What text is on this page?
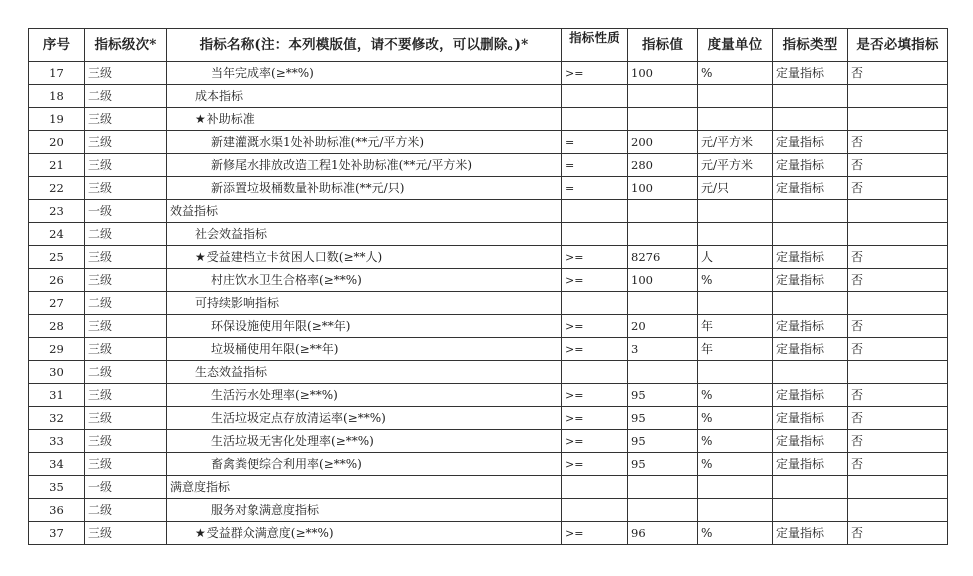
序号	指标级次*	指标名称(注：本列模版值，请不要修改，可以删除。)*	指标性质	指标值	度量单位	指标类型	是否必填指标
17	三级	当年完成率(≥**%)	>=	100	%	定量指标	否
18	二级	成本指标					
19	三级	★补助标准					
20	三级	新建灌溉水渠1处补助标准(**元/平方米)	=	200	元/平方米	定量指标	否
21	三级	新修尾水排放改造工程1处补助标准(**元/平方米)	=	280	元/平方米	定量指标	否
22	三级	新添置垃圾桶数量补助标准(**元/只)	=	100	元/只	定量指标	否
23	一级	效益指标					
24	二级	社会效益指标					
25	三级	★受益建档立卡贫困人口数(≥**人)	>=	8276	人	定量指标	否
26	三级	村庄饮水卫生合格率(≥**%)	>=	100	%	定量指标	否
27	二级	可持续影响指标					
28	三级	环保设施使用年限(≥**年)	>=	20	年	定量指标	否
29	三级	垃圾桶使用年限(≥**年)	>=	3	年	定量指标	否
30	二级	生态效益指标					
31	三级	生活污水处理率(≥**%)	>=	95	%	定量指标	否
32	三级	生活垃圾定点存放清运率(≥**%)	>=	95	%	定量指标	否
33	三级	生活垃圾无害化处理率(≥**%)	>=	95	%	定量指标	否
34	三级	畜禽粪便综合利用率(≥**%)	>=	95	%	定量指标	否
35	一级	满意度指标					
36	二级	服务对象满意度指标					
37	三级	★受益群众满意度(≥**%)	>=	96	%	定量指标	否
